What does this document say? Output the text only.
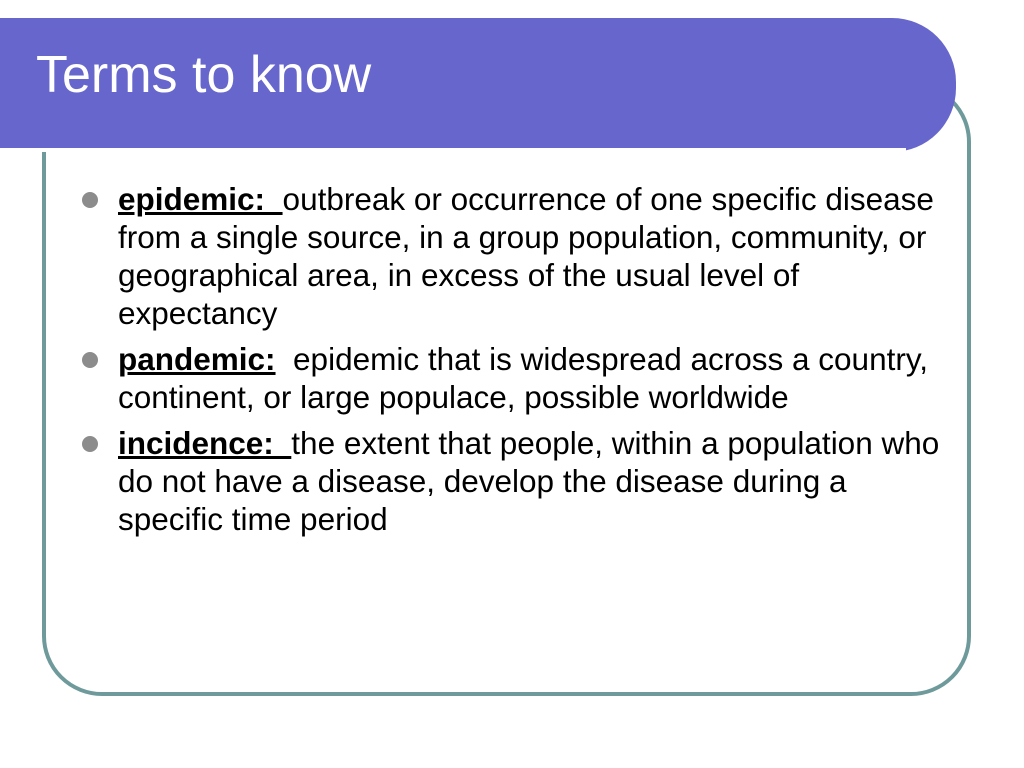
Terms to know
epidemic:  outbreak or occurrence of one specific disease from a single source, in a group population, community, or geographical area, in excess of the usual level of expectancy
pandemic:  epidemic that is widespread across a country, continent, or large populace, possible worldwide
incidence:  the extent that people, within a population who do not have a disease, develop the disease during a specific time period
